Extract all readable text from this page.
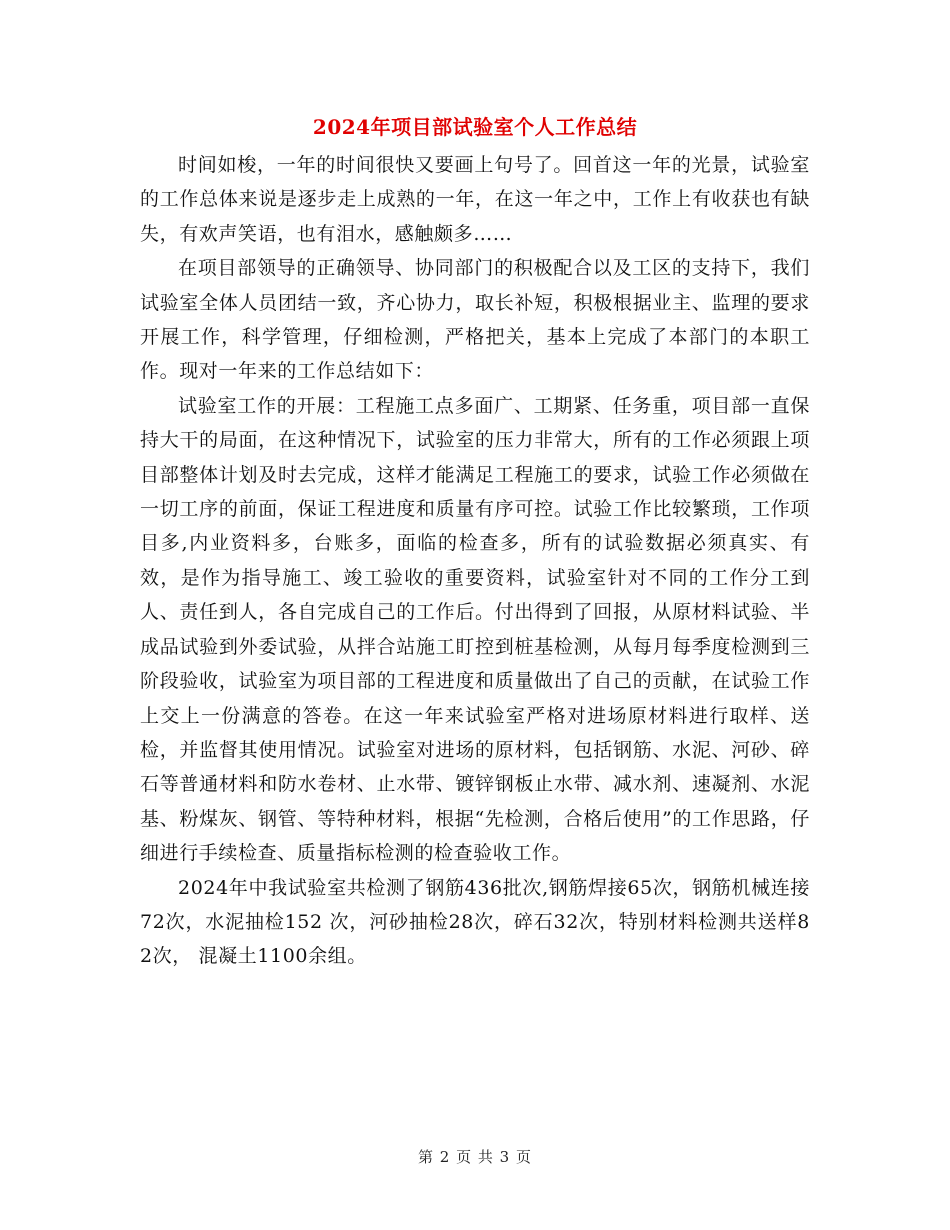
2024年项目部试验室个人工作总结

时间如梭，一年的时间很快又要画上句号了。回首这一年的光景，试验室的工作总体来说是逐步走上成熟的一年，在这一年之中，工作上有收获也有缺失，有欢声笑语，也有泪水，感触颇多……

在项目部领导的正确领导、协同部门的积极配合以及工区的支持下，我们试验室全体人员团结一致，齐心协力，取长补短，积极根据业主、监理的要求开展工作，科学管理，仔细检测，严格把关，基本上完成了本部门的本职工作。现对一年来的工作总结如下：

试验室工作的开展：工程施工点多面广、工期紧、任务重，项目部一直保持大干的局面，在这种情况下，试验室的压力非常大，所有的工作必须跟上项目部整体计划及时去完成，这样才能满足工程施工的要求，试验工作必须做在一切工序的前面，保证工程进度和质量有序可控。试验工作比较繁琐，工作项目多,内业资料多，台账多，面临的检查多，所有的试验数据必须真实、有效，是作为指导施工、竣工验收的重要资料，试验室针对不同的工作分工到人、责任到人，各自完成自己的工作后。付出得到了回报，从原材料试验、半成品试验到外委试验，从拌合站施工盯控到桩基检测，从每月每季度检测到三阶段验收，试验室为项目部的工程进度和质量做出了自己的贡献，在试验工作上交上一份满意的答卷。在这一年来试验室严格对进场原材料进行取样、送检，并监督其使用情况。试验室对进场的原材料，包括钢筋、水泥、河砂、碎石等普通材料和防水卷材、止水带、镀锌钢板止水带、减水剂、速凝剂、水泥基、粉煤灰、钢管、等特种材料，根据“先检测，合格后使用”的工作思路，仔细进行手续检查、质量指标检测的检查验收工作。

2024年中我试验室共检测了钢筋436批次,钢筋焊接65次，钢筋机械连接72次，水泥抽检152 次，河砂抽检28次，碎石32次，特别材料检测共送样82次， 混凝土1100余组。

第 2 页 共 3 页
